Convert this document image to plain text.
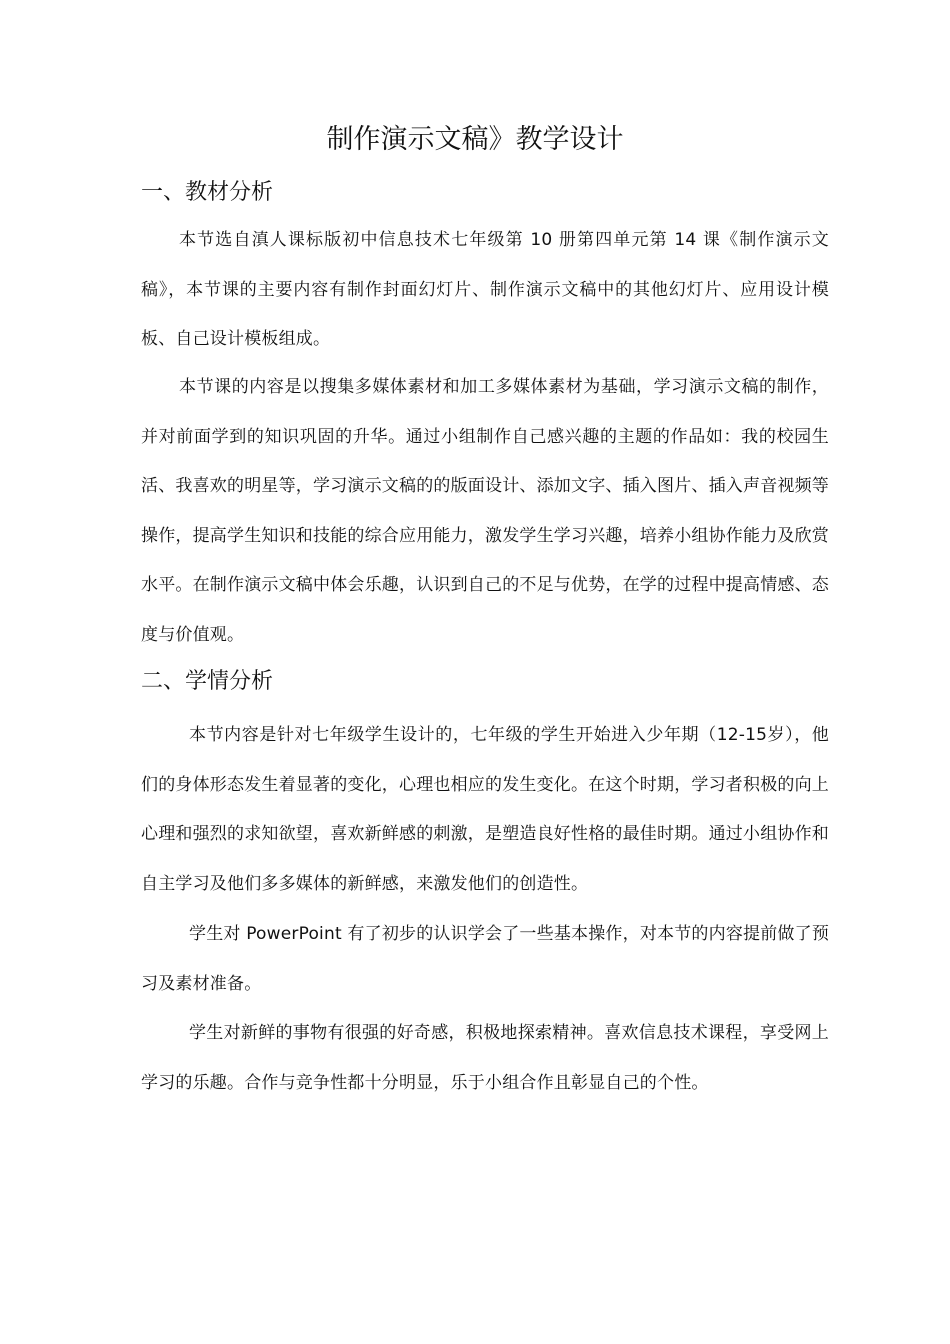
制作演示文稿》教学设计
一、教材分析

本节选自滇人课标版初中信息技术七年级第 10 册第四单元第 14 课《制作演示文稿》，本节课的主要内容有制作封面幻灯片、制作演示文稿中的其他幻灯片、应用设计模板、自己设计模板组成。

本节课的内容是以搜集多媒体素材和加工多媒体素材为基础，学习演示文稿的制作，并对前面学到的知识巩固的升华。通过小组制作自己感兴趣的主题的作品如：我的校园生活、我喜欢的明星等，学习演示文稿的的版面设计、添加文字、插入图片、插入声音视频等操作，提高学生知识和技能的综合应用能力，激发学生学习兴趣，培养小组协作能力及欣赏水平。在制作演示文稿中体会乐趣，认识到自己的不足与优势，在学的过程中提高情感、态度与价值观。

二、学情分析

本节内容是针对七年级学生设计的，七年级的学生开始进入少年期（12-15岁），他们的身体形态发生着显著的变化，心理也相应的发生变化。在这个时期，学习者积极的向上心理和强烈的求知欲望，喜欢新鲜感的刺激，是塑造良好性格的最佳时期。通过小组协作和自主学习及他们多多媒体的新鲜感，来激发他们的创造性。

学生对 PowerPoint 有了初步的认识学会了一些基本操作，对本节的内容提前做了预习及素材准备。

学生对新鲜的事物有很强的好奇感，积极地探索精神。喜欢信息技术课程，享受网上学习的乐趣。合作与竞争性都十分明显，乐于小组合作且彰显自己的个性。
